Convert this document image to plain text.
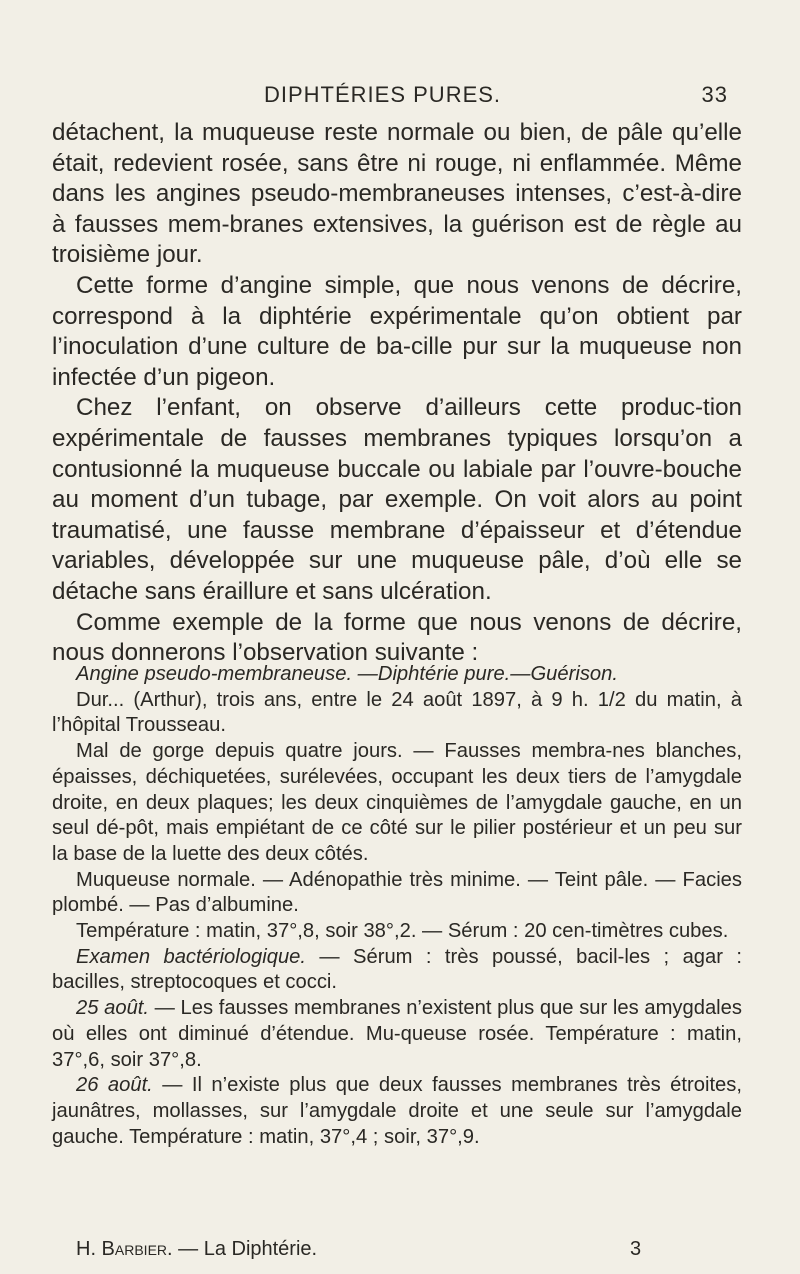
DIPHTÉRIES PURES.	33

détachent, la muqueuse reste normale ou bien, de pâle qu’elle était, redevient rosée, sans être ni rouge, ni enflammée. Même dans les angines pseudo-membraneuses intenses, c’est-à-dire à fausses mem-branes extensives, la guérison est de règle au troisième jour.

Cette forme d’angine simple, que nous venons de décrire, correspond à la diphtérie expérimentale qu’on obtient par l’inoculation d’une culture de ba-cille pur sur la muqueuse non infectée d’un pigeon.

Chez l’enfant, on observe d’ailleurs cette produc-tion expérimentale de fausses membranes typiques lorsqu’on a contusionné la muqueuse buccale ou labiale par l’ouvre-bouche au moment d’un tubage, par exemple. On voit alors au point traumatisé, une fausse membrane d’épaisseur et d’étendue variables, développée sur une muqueuse pâle, d’où elle se détache sans éraillure et sans ulcération.

Comme exemple de la forme que nous venons de décrire, nous donnerons l’observation suivante :

Angine pseudo-membraneuse. —Diphtérie pure.—Guérison.

Dur... (Arthur), trois ans, entre le 24 août 1897, à 9 h. 1/2 du matin, à l’hôpital Trousseau.

Mal de gorge depuis quatre jours. — Fausses membra-nes blanches, épaisses, déchiquetées, surélevées, occupant les deux tiers de l’amygdale droite, en deux plaques; les deux cinquièmes de l’amygdale gauche, en un seul dé-pôt, mais empiétant de ce côté sur le pilier postérieur et un peu sur la base de la luette des deux côtés.

Muqueuse normale. — Adénopathie très minime. — Teint pâle. — Facies plombé. — Pas d’albumine.

Température : matin, 37°,8, soir 38°,2. — Sérum : 20 cen-timètres cubes.

Examen bactériologique. — Sérum : très poussé, bacil-les ; agar : bacilles, streptocoques et cocci.

25 août. — Les fausses membranes n’existent plus que sur les amygdales où elles ont diminué d’étendue. Mu-queuse rosée. Température : matin, 37°,6, soir 37°,8.

26 août. — Il n’existe plus que deux fausses membranes très étroites, jaunâtres, mollasses, sur l’amygdale droite et une seule sur l’amygdale gauche. Température : matin, 37°,4 ; soir, 37°,9.

H. Barbier. — La Diphtérie.	3
